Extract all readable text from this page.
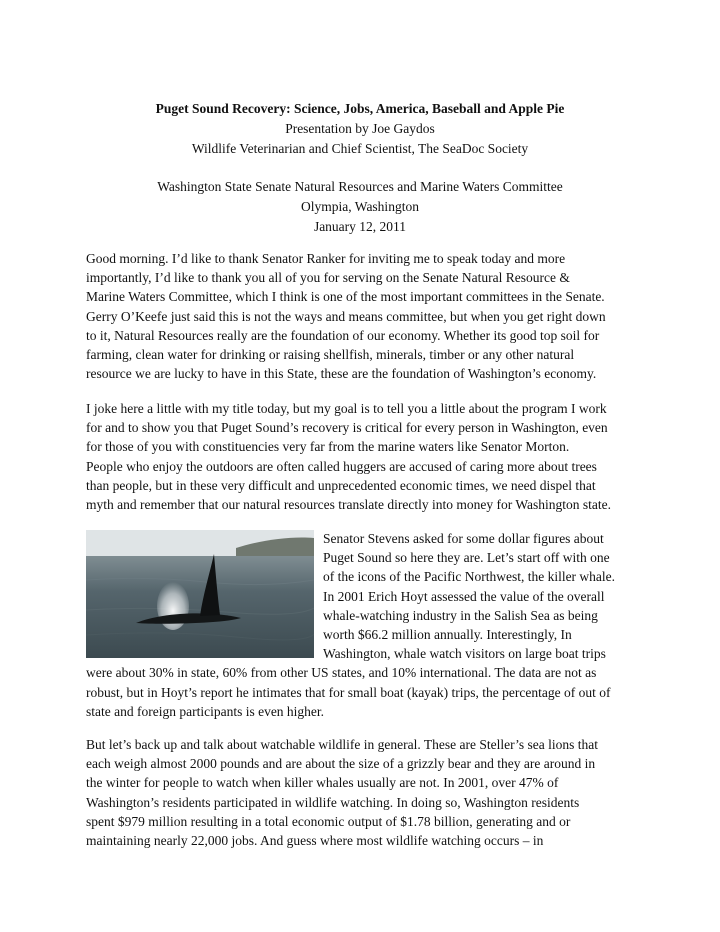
Puget Sound Recovery: Science, Jobs, America, Baseball and Apple Pie
Presentation by Joe Gaydos
Wildlife Veterinarian and Chief Scientist, The SeaDoc Society
Washington State Senate Natural Resources and Marine Waters Committee
Olympia, Washington
January 12, 2011
Good morning. I’d like to thank Senator Ranker for inviting me to speak today and more
importantly, I’d like to thank you all of you for serving on the Senate Natural Resource &
Marine Waters Committee, which I think is one of the most important committees in the Senate.
Gerry O’Keefe just said this is not the ways and means committee, but when you get right down
to it, Natural Resources really are the foundation of our economy. Whether its good top soil for
farming, clean water for drinking or raising shellfish, minerals, timber or any other natural
resource we are lucky to have in this State, these are the foundation of Washington’s economy.
I joke here a little with my title today, but my goal is to tell you a little about the program I work
for and to show you that Puget Sound’s recovery is critical for every person in Washington, even
for those of you with constituencies very far from the marine waters like Senator Morton.
People who enjoy the outdoors are often called huggers are accused of caring more about trees
than people, but in these very difficult and unprecedented economic times, we need dispel that
myth and remember that our natural resources translate directly into money for Washington state.
Senator Stevens asked for some dollar figures about
Puget Sound so here they are. Let’s start off with one
of the icons of the Pacific Northwest, the killer whale.
In 2001 Erich Hoyt assessed the value of the overall
whale-watching industry in the Salish Sea as being
worth $66.2 million annually. Interestingly, In
Washington, whale watch visitors on large boat trips
were about 30% in state, 60% from other US states, and 10% international. The data are not as
robust, but in Hoyt’s report he intimates that for small boat (kayak) trips, the percentage of out of
state and foreign participants is even higher.
But let’s back up and talk about watchable wildlife in general. These are Steller’s sea lions that
each weigh almost 2000 pounds and are about the size of a grizzly bear and they are around in
the winter for people to watch when killer whales usually are not. In 2001, over 47% of
Washington’s residents participated in wildlife watching. In doing so, Washington residents
spent $979 million resulting in a total economic output of $1.78 billion, generating and or
maintaining nearly 22,000 jobs. And guess where most wildlife watching occurs – in
